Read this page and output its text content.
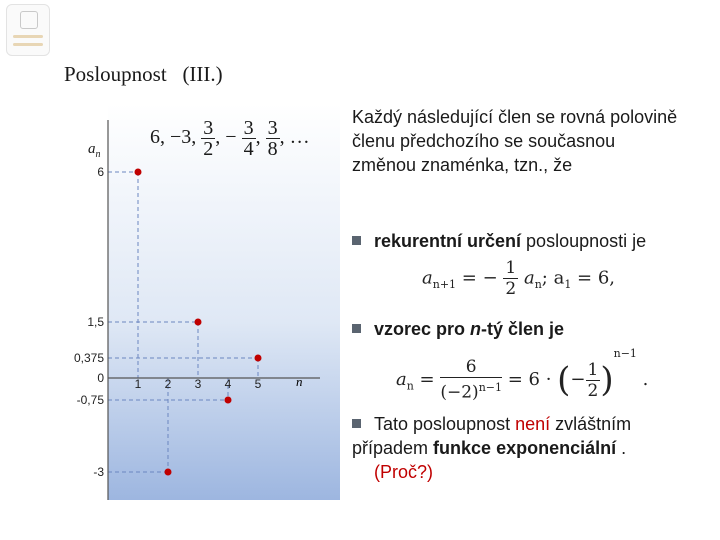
Posloupnost   (III.)
6
1,5
0,375
0
-0,75
-3
1 2 3 4 5	n
$a_n$
6, −3, $\frac{3}{2}$ , − $\frac{3}{4}$ , $\frac{3}{8}$ , …
Každý následující člen se rovná polovině členu předchozího se současnou změnou znaménka, tzn., že
rekurentní určení posloupnosti je
$a_{n+1}$ = − $\frac{1}{2} a_n$; $a_1 = 6$,
vzorec pro n-tý člen je
$a_n = \frac{6}{(-2)^{n-1}} = 6$ · (− $\frac{1}{2} )^{n-1}$ .
Tato posloupnost není zvláštním případem funkce exponenciální .
(Proč?)
